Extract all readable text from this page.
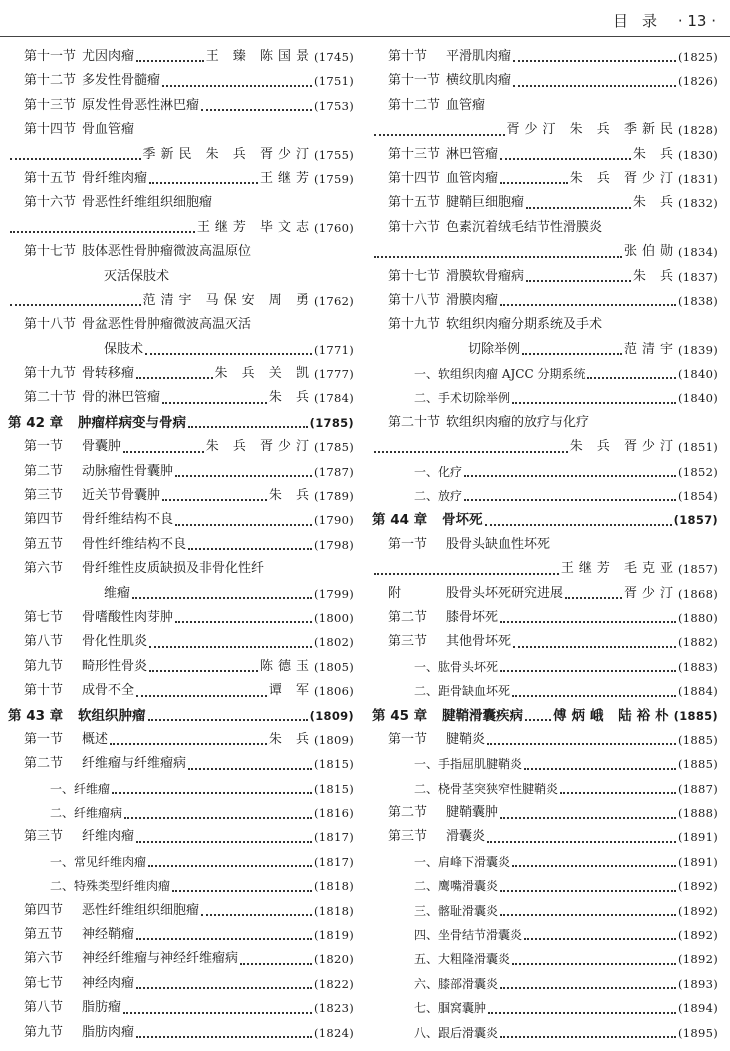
目录 · 13 ·
第十一节 尤因肉瘤	王 臻 陈国景 (1745)
第十二节 多发性骨髓瘤	(1751)
第十三节 原发性骨恶性淋巴瘤	(1753)
第十四节 骨血管瘤
季新民 朱 兵 胥少汀 (1755)
第十五节 骨纤维肉瘤	王继芳 (1759)
第十六节 骨恶性纤维组织细胞瘤
王继芳 毕文志 (1760)
第十七节 肢体恶性骨肿瘤微波高温原位
灭活保肢术
范清宇 马保安 周 勇 (1762)
第十八节 骨盆恶性骨肿瘤微波高温灭活
保肢术	(1771)
第十九节 骨转移瘤	朱 兵 关 凯 (1777)
第二十节 骨的淋巴管瘤	朱 兵 (1784)
第 42 章	肿瘤样病变与骨病	(1785)
第一节	骨囊肿	朱 兵 胥少汀 (1785)
第二节	动脉瘤性骨囊肿	(1787)
第三节	近关节骨囊肿	朱 兵 (1789)
第四节	骨纤维结构不良	(1790)
第五节	骨性纤维结构不良	(1798)
第六节	骨纤维性皮质缺损及非骨化性纤
维瘤	(1799)
第七节	骨嗜酸性肉芽肿	(1800)
第八节	骨化性肌炎	(1802)
第九节	畸形性骨炎	陈德玉 (1805)
第十节	成骨不全	谭 军 (1806)
第 43 章	软组织肿瘤	(1809)
第一节	概述	朱 兵 (1809)
第二节	纤维瘤与纤维瘤病	(1815)
一、纤维瘤	(1815)
二、纤维瘤病	(1816)
第三节	纤维肉瘤	(1817)
一、常见纤维肉瘤	(1817)
二、特殊类型纤维肉瘤	(1818)
第四节	恶性纤维组织细胞瘤	(1818)
第五节	神经鞘瘤	(1819)
第六节	神经纤维瘤与神经纤维瘤病	(1820)
第七节	神经肉瘤	(1822)
第八节	脂肪瘤	(1823)
第九节	脂肪肉瘤	(1824)
第十节	平滑肌肉瘤	(1825)
第十一节 横纹肌肉瘤	(1826)
第十二节 血管瘤
胥少汀 朱 兵 季新民 (1828)
第十三节 淋巴管瘤	朱 兵 (1830)
第十四节 血管肉瘤	朱 兵 胥少汀 (1831)
第十五节 腱鞘巨细胞瘤	朱 兵 (1832)
第十六节 色素沉着绒毛结节性滑膜炎
张伯勋 (1834)
第十七节 滑膜软骨瘤病	朱 兵 (1837)
第十八节 滑膜肉瘤	(1838)
第十九节 软组织肉瘤分期系统及手术
切除举例	范清宇 (1839)
一、软组织肉瘤 AJCC 分期系统	(1840)
二、手术切除举例	(1840)
第二十节 软组织肉瘤的放疗与化疗
朱 兵 胥少汀 (1851)
一、化疗	(1852)
二、放疗	(1854)
第 44 章	骨坏死	(1857)
第一节	股骨头缺血性坏死
王继芳 毛克亚 (1857)
附	股骨头坏死研究进展	胥少汀 (1868)
第二节	膝骨坏死	(1880)
第三节	其他骨坏死	(1882)
一、肱骨头坏死	(1883)
二、距骨缺血坏死	(1884)
第 45 章	腱鞘滑囊疾病 傅炳峨 陆裕朴 (1885)
第一节	腱鞘炎	(1885)
一、手指屈肌腱鞘炎	(1885)
二、桡骨茎突狭窄性腱鞘炎	(1887)
第二节	腱鞘囊肿	(1888)
第三节	滑囊炎	(1891)
一、肩峰下滑囊炎	(1891)
二、鹰嘴滑囊炎	(1892)
三、髂耻滑囊炎	(1892)
四、坐骨结节滑囊炎	(1892)
五、大粗隆滑囊炎	(1892)
六、膝部滑囊炎	(1893)
七、腘窝囊肿	(1894)
八、跟后滑囊炎	(1895)
